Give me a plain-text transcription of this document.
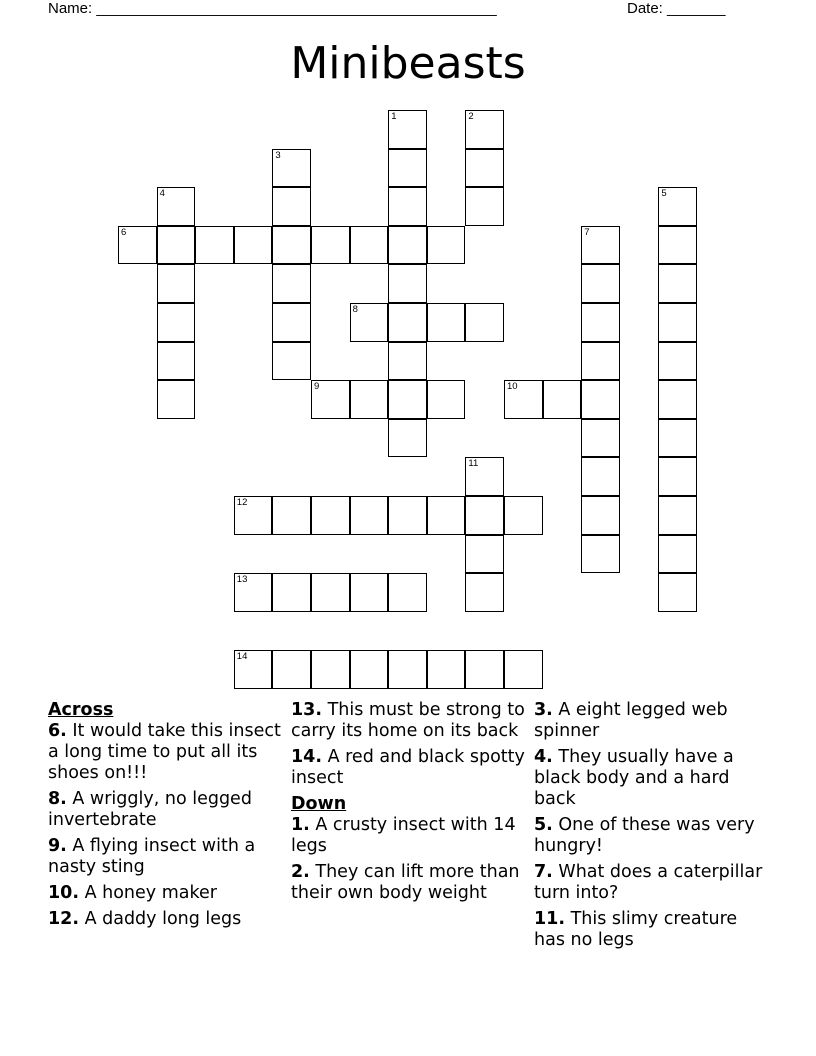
Name: ________________________________________________	Date: _______
Minibeasts
1	2
3
4	5
6	7
8
9	10
11
12
13
14
Across
6. It would take this insect a long time to put all its shoes on!!!
8. A wriggly, no legged invertebrate
9. A flying insect with a nasty sting
10. A honey maker
12. A daddy long legs
13. This must be strong to carry its home on its back
14. A red and black spotty insect
Down
1. A crusty insect with 14 legs
2. They can lift more than their own body weight
3. A eight legged web spinner
4. They usually have a black body and a hard back
5. One of these was very hungry!
7. What does a caterpillar turn into?
11. This slimy creature has no legs
